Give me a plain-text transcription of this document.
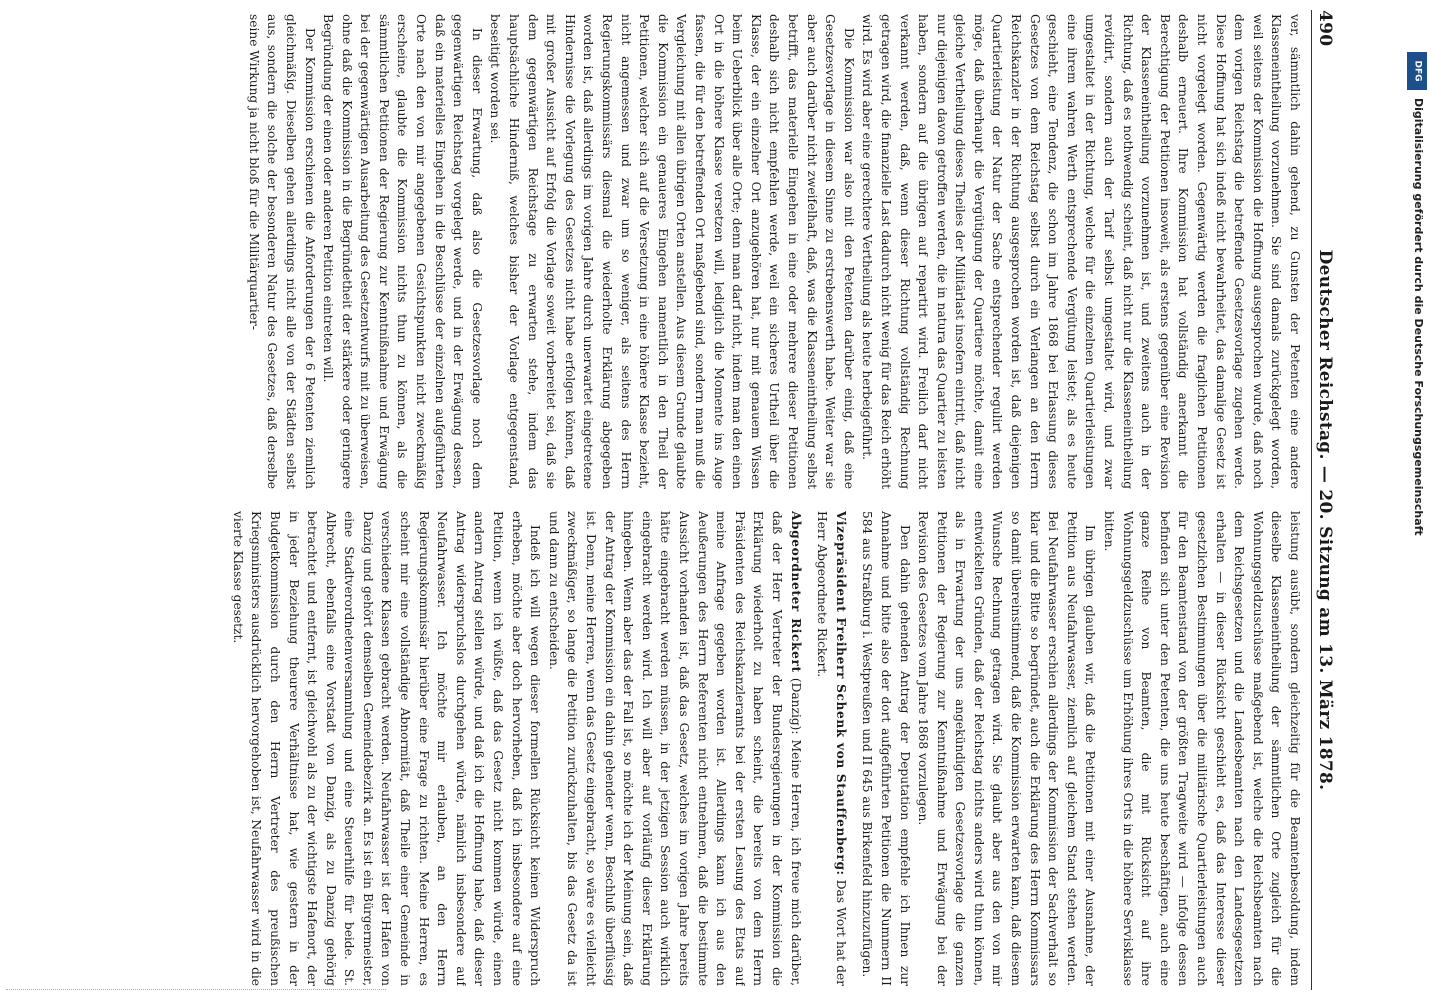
490
Deutscher Reichstag. — 20. Sitzung am 13. März 1878.

ver, sämmtlich dahin gehend, zu Gunsten der Petenten eine andere Klasseneintheilung vorzunehmen. Sie sind damals zurückgelegt worden, weil seitens der Kommission die Hoffnung ausgesprochen wurde, daß noch dem vorigen Reichstag die betreffende Gesetzesvorlage zugehen werde. Diese Hoffnung hat sich indeß nicht bewahrheitet, das damalige Gesetz ist nicht vorgelegt worden. Gegenwärtig werden die fraglichen Petitionen deshalb erneuert. Ihre Kommission hat vollständig anerkannt die Berechtigung der Petitionen insoweit, als erstens gegenüber eine Revision der Klasseneintheilung vorzunehmen ist, und zweitens auch in der Richtung, daß es nothwendig scheint, daß nicht nur die Klasseneintheilung revidirt, sondern auch der Tarif selbst umgestaltet wird, und zwar umgestaltet in der Richtung, welche für die einzelnen Quartierleistungen eine ihrem wahren Werth entsprechende Vergütung leistet; als es heute geschieht, eine Tendenz, die schon im Jahre 1868 bei Erlassung dieses Gesetzes von dem Reichstag selbst durch ein Verlangen an den Herrn Reichskanzler in der Richtung ausgesprochen worden ist, daß diejenigen Quartierleistung der Natur der Sache entsprechender regulirt werden möge, daß überhaupt die Vergütigung der Quartiere möchte, damit eine gleiche Vertheilung dieses Theiles der Militärlast insofern eintritt, daß nicht nur diejenigen davon getroffen werden, die in natura das Quartier zu leisten haben, sondern auf die übrigen auf repartirt wird. Freilich darf nicht verkannt werden, daß, wenn dieser Richtung vollständig Rechnung getragen wird, die finanzielle Last dadurch nicht wenig für das Reich erhöht wird. Es wird aber eine gerechtere Vertheilung als heute herbeigeführt.

Die Kommission war also mit den Petenten darüber einig, daß eine Gesetzesvorlage in diesem Sinne zu erstrebenswerth habe. Weiter war sie aber auch darüber nicht zweifelhaft, daß, was die Klasseneintheilung selbst betrifft, das materielle Eingehen in eine oder mehrere dieser Petitionen deshalb sich nicht empfehlen werde, weil ein sicheres Urtheil über die Klasse, der ein einzelner Ort anzugehören hat, nur mit genauem Wissen beim Ueberblick über alle Orte; denn man darf nicht, indem man den einen Ort in die höhere Klasse versetzen will, lediglich die Momente ins Auge fassen, die für den betreffenden Ort maßgebend sind, sondern man muß die Vergleichung mit allen übrigen Orten anstellen. Aus diesem Grunde glaubte die Kommission ein genaueres Eingehen namentlich in den Theil der Petitionen, welcher sich auf die Versetzung in eine höhere Klasse bezieht, nicht angemessen und zwar um so weniger, als seitens des Herrn Regierungskommissärs diesmal die wiederholte Erklärung abgegeben worden ist, daß allerdings im vorigen Jahre durch unerwartet eingetretene Hindernisse die Vorlegung des Gesetzes nicht habe erfolgen können, daß mit großer Aussicht auf Erfolg die Vorlage soweit vorbereitet sei, daß sie dem gegenwärtigen Reichstage zu erwarten stehe, indem das hauptsächliche Hinderniß, welches bisher der Vorlage entgegenstand, beseitigt worden sei.

In dieser Erwartung, daß also die Gesetzesvorlage noch dem gegenwärtigen Reichstag vorgelegt werde, und in der Erwägung dessen, daß ein materielles Eingehen in die Beschlüsse der einzelnen aufgeführten Orte nach den von mir angegebenen Gesichtspunkten nicht zweckmäßig erscheine, glaubte die Kommission nichts thun zu können, als die sämmtlichen Petitionen der Regierung zur Kenntnißnahme und Erwägung bei der gegenwärtigen Ausarbeitung des Gesetzentwurfs mit zu überweisen, ohne daß die Kommission in die Begründetheit der stärkere oder geringere Begründung der einen oder anderen Petition eintreten will.

Der Kommission erschienen die Anforderungen der 6 Petenten ziemlich gleichmäßig. Dieselben gehen allerdings nicht alle von der Städten selbst aus, sondern die solche der besonderen Natur des Gesetzes, daß derselbe seine Wirkung ja nicht bloß für die Militärquartier-

leistung ausübt, sondern gleichzeitig für die Beamtenbesoldung, indem dieselbe Klasseneintheilung der sämmtlichen Orte zugleich für die Wohnungsgeldzuschüsse maßgebend ist, welche die Reichsbeamten nach dem Reichsgesetzen und die Landesbeamten nach den Landesgesetzen erhalten — in dieser Rücksicht geschieht es, daß das Interesse dieser gesetzlichen Bestimmungen über die militärische Quartierleistungen auch für den Beamtenstand von der größten Tragweite wird — infolge dessen befinden sich unter den Petenten, die uns heute beschäftigen, auch eine ganze Reihe von Beamten, die mit Rücksicht auf ihre Wohnungsgeldzuschüsse um Erhöhung ihres Orts in die höhere Servisklasse bitten.

Im übrigen glauben wir, daß die Petitionen mit einer Ausnahme, der Petition aus Neufahrwasser, ziemlich auf gleichem Stand stehen werden. Bei Neufahrwasser erschien allerdings der Kommission der Sachverhalt so klar und die Bitte so begründet, auch die Erklärung des Herrn Kommissars so damit übereinstimmend, daß die Kommission erwarten kann, daß diesem Wunsche Rechnung getragen wird. Sie glaubt aber aus den von mir entwickelten Gründen, daß der Reichstag nichts anders wird thun können, als in Erwartung der uns angekündigten Gesetzesvorlage die ganzen Petitionen der Regierung zur Kenntnißnahme und Erwägung bei der Revision des Gesetzes vom Jahre 1868 vorzulegen.

Den dahin gehenden Antrag der Deputation empfehle ich Ihnen zur Annahme und bitte also der dort aufgeführten Petitionen die Nummern II 584 aus Straßburg i. Westpreußen und II 645 aus Birkenfeld hinzuzufügen.

Vizepräsident Freiherr Schenk von Stauffenberg: Das Wort hat der Herr Abgeordnete Rickert.

Abgeordneter Rickert (Danzig): Meine Herren, ich freue mich darüber, daß der Herr Vertreter der Bundesregierungen in der Kommission die Erklärung wiederholt zu haben scheint, die bereits von dem Herrn Präsidenten des Reichskanzleramts bei der ersten Lesung des Etats auf meine Anfrage gegeben worden ist. Allerdings kann ich aus den Aeußerungen des Herrn Referenten nicht entnehmen, daß die bestimmte Aussicht vorhanden ist, daß das Gesetz, welches im vorigen Jahre bereits hätte eingebracht werden müssen, in der jetzigen Session auch wirklich eingebracht werden wird. Ich will aber auf vorläufig dieser Erklärung hingeben. Wenn aber das der Fall ist, so möchte ich der Meinung sein, daß der Antrag der Kommission ein dahin gehender wenn, Beschluß überflüssig ist. Denn, meine Herren, wenn das Gesetz eingebracht, so wäre es vielleicht zweckmäßiger, so lange die Petition zurückzuhalten, bis das Gesetz da ist und dann zu entscheiden.

Indeß ich will wegen dieser formellen Rücksicht keinen Widerspruch erheben, möchte aber doch hervorheben, daß ich insbesondere auf eine Petition, wenn ich wüßte, daß das Gesetz nicht kommen würde, einen andern Antrag stellen würde, und daß ich die Hoffnung habe, daß dieser Antrag widerspruchslos durchgehen würde, nämlich insbesondere auf Neufahrwasser. Ich möchte mir erlauben, an den Herrn Regierungskommissär hierüber eine Frage zu richten. Meine Herren, es scheint mir eine vollständige Abnormität, daß Theile einer Gemeinde in verschiedene Klassen gebracht werden. Neufahrwasser ist der Hafen von Danzig und gehört demselben Gemeindebezirk an. Es ist ein Bürgermeister, eine Stadtverordnetenversammlung und eine Steuerhilfe für beide. St. Albrecht, ebenfalls eine Vorstadt von Danzig, als zu Danzig gehörig betrachtet und entfernt, ist gleichwohl als zu der wichtigste Hafenort, der in jeder Beziehung theurere Verhältnisse hat, wie gestern in der Budgetkommission durch den Herrn Vertreter des preußischen Kriegsministers ausdrücklich hervorgehoben ist, Neufahrwasser wird in die vierte Klasse gesetzt.

DFG
Digitalisierung gefördert durch die Deutsche Forschungsgemeinschaft
